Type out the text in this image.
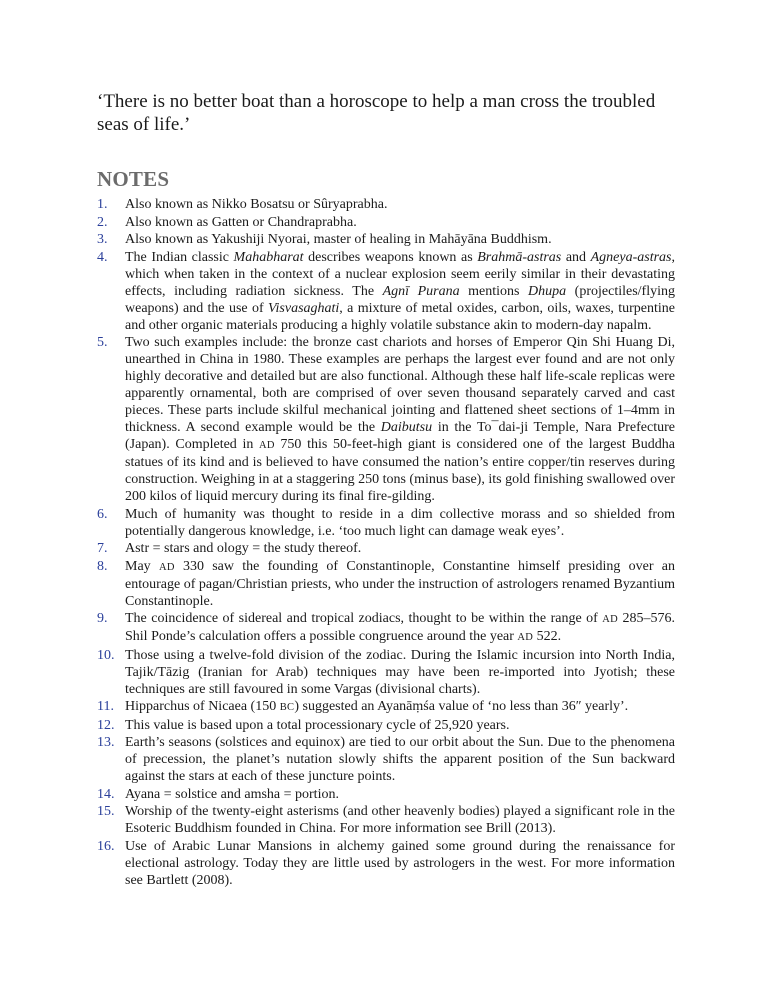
‘There is no better boat than a horoscope to help a man cross the troubled seas of life.’

NOTES
1. Also known as Nikko Bosatsu or Sûryaprabha.
2. Also known as Gatten or Chandraprabha.
3. Also known as Yakushiji Nyorai, master of healing in Mahāyāna Buddhism.
4. The Indian classic Mahabharat describes weapons known as Brahmā-astras and Agneya-astras, which when taken in the context of a nuclear explosion seem eerily similar in their devastating effects, including radiation sickness. The Agnī Purana mentions Dhupa (projectiles/flying weapons) and the use of Visvasaghati, a mixture of metal oxides, carbon, oils, waxes, turpentine and other organic materials producing a highly volatile substance akin to modern-day napalm.
5. Two such examples include: the bronze cast chariots and horses of Emperor Qin Shi Huang Di, unearthed in China in 1980. These examples are perhaps the largest ever found and are not only highly decorative and detailed but are also functional. Although these half life-scale replicas were apparently ornamental, both are comprised of over seven thousand separately carved and cast pieces. These parts include skilful mechanical jointing and flattened sheet sections of 1–4mm in thickness. A second example would be the Daibutsu in the To¯dai-ji Temple, Nara Prefecture (Japan). Completed in AD 750 this 50-feet-high giant is considered one of the largest Buddha statues of its kind and is believed to have consumed the nation’s entire copper/tin reserves during construction. Weighing in at a staggering 250 tons (minus base), its gold finishing swallowed over 200 kilos of liquid mercury during its final fire-gilding.
6. Much of humanity was thought to reside in a dim collective morass and so shielded from potentially dangerous knowledge, i.e. ‘too much light can damage weak eyes’.
7. Astr = stars and ology = the study thereof.
8. May AD 330 saw the founding of Constantinople, Constantine himself presiding over an entourage of pagan/Christian priests, who under the instruction of astrologers renamed Byzantium Constantinople.
9. The coincidence of sidereal and tropical zodiacs, thought to be within the range of AD 285–576. Shil Ponde’s calculation offers a possible congruence around the year AD 522.
10. Those using a twelve-fold division of the zodiac. During the Islamic incursion into North India, Tajik/Tāzig (Iranian for Arab) techniques may have been re-imported into Jyotish; these techniques are still favoured in some Vargas (divisional charts).
11. Hipparchus of Nicaea (150 BC) suggested an Ayanāṃśa value of ‘no less than 36″ yearly’.
12. This value is based upon a total processionary cycle of 25,920 years.
13. Earth’s seasons (solstices and equinox) are tied to our orbit about the Sun. Due to the phenomena of precession, the planet’s nutation slowly shifts the apparent position of the Sun backward against the stars at each of these juncture points.
14. Ayana = solstice and amsha = portion.
15. Worship of the twenty-eight asterisms (and other heavenly bodies) played a significant role in the Esoteric Buddhism founded in China. For more information see Brill (2013).
16. Use of Arabic Lunar Mansions in alchemy gained some ground during the renaissance for electional astrology. Today they are little used by astrologers in the west. For more information see Bartlett (2008).
